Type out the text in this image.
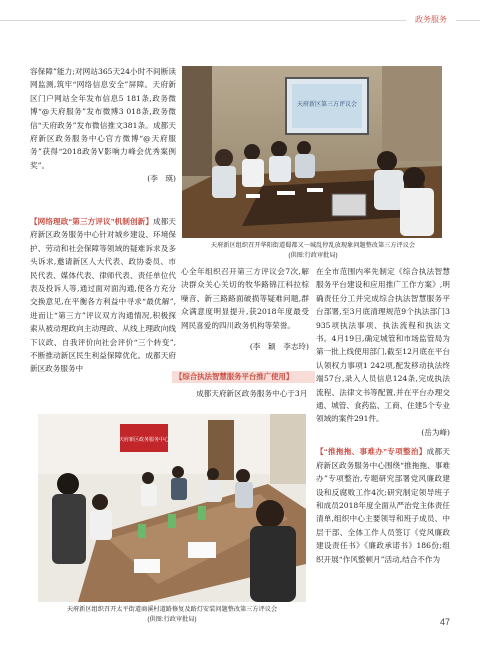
政务服务

容保障”能力;对网站365天24小时不间断读网监测,筑牢“网络信息安全”屏障。天府新区门户网站全年发布信息5 181条,政务微博“@天府服务”发布微博3 018条,政务微信“天府政务”发布微信推文381条。成都天府新区政务服务中心官方微博“@天府服务”获得“2018政务V影响力峰会优秀案例奖”。

(李　瑛)

天府新区第三方评议会
天府新区组织召开华阳街道蜀都又一城乱停乱放现象问题整改第三方评议会
(供图:行政审批局)

【网络理政“第三方评议”机制创新】成都天府新区政务服务中心针对城乡建设、环境保护、劳动和社会保障等领域的疑难诉求及多头诉求,邀请新区人大代表、政协委员、市民代表、媒体代表、律师代表、责任单位代表及投诉人等,通过面对面沟通,使各方充分交换意见,在平衡各方利益中寻求“最优解”,进而让“第三方”评议双方沟通情况,积极探索从被动理政向主动理政、从线上理政向线下议政、自我评价向社会评价“三个转变”,不断推动新区民生利益保障优化。成都天府新区政务服务中

心全年组织召开第三方评议会7次,解决群众关心关切的牧华路锦江科拉棕噪音、新三路路面破损等疑难问题,群众满意度明显提升,获2018年度最受网民喜爱的四川政务机构等荣誉。

(李　颖　李志玲)

【综合执法智慧服务平台推广使用】

成都天府新区政务服务中心于3月

在全市范围内率先制定《综合执法智慧服务平台建设和应用推广工作方案》,明确责任分工并完成综合执法智慧服务平台部署,至3月底清理规范9个执法部门3 935项执法事项、执法流程和执法文书。4月19日,确定城管和市场监管局为第一批上线使用部门,截至12月底在平台认领权力事项1 242项,配发移动执法终端57台,录入人员信息124条,完成执法流程、法律文书等配置,并在平台办理交通、城管、食药监、工商、住建5个专业领域的案件291件。

(岳为峰)

【“推拖拖、事难办”专项整治】成都天府新区政务服务中心围绕“推拖拖、事难办”专项整治,专题研究部署党风廉政建设和反腐败工作4次;研究制定领导班子和成员2018年度全面从严治党主体责任清单,组织中心主要领导和班子成员、中层干部、全体工作人员签订《党风廉政建设责任书》《廉政承诺书》186份;组织开展“作风整顿月”活动,结合不作为

天府新区政务服务中心
天府新区组织召开太平街道商溪村道路修复及路灯安装问题整改第三方评议会
(供图:行政审批局)	47
